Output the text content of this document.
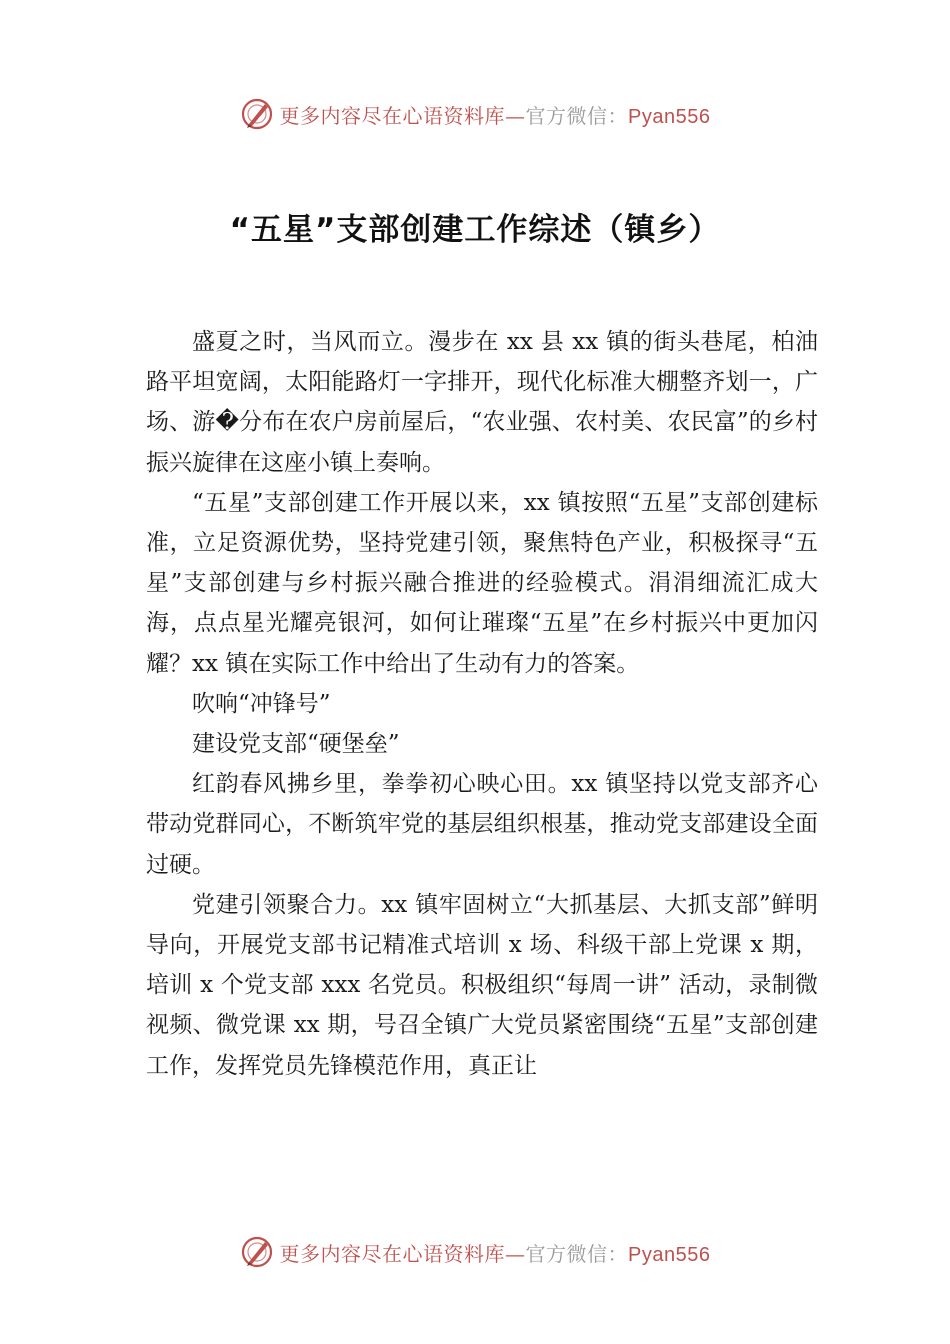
更多内容尽在心语资料库—官方微信：Pyan556
“五星”支部创建工作综述（镇乡）

盛夏之时，当风而立。漫步在 xx 县 xx 镇的街头巷尾，柏油路平坦宽阔，太阳能路灯一字排开，现代化标准大棚整齐划一，广场、游�分布在农户房前屋后，“农业强、农村美、农民富”的乡村振兴旋律在这座小镇上奏响。

“五星”支部创建工作开展以来，xx 镇按照“五星”支部创建标准，立足资源优势，坚持党建引领，聚焦特色产业，积极探寻“五星”支部创建与乡村振兴融合推进的经验模式。涓涓细流汇成大海，点点星光耀亮银河，如何让璀璨“五星”在乡村振兴中更加闪耀？xx 镇在实际工作中给出了生动有力的答案。

吹响“冲锋号”

建设党支部“硬堡垒”

红韵春风拂乡里，拳拳初心映心田。xx 镇坚持以党支部齐心带动党群同心，不断筑牢党的基层组织根基，推动党支部建设全面过硬。

党建引领聚合力。xx 镇牢固树立“大抓基层、大抓支部”鲜明导向，开展党支部书记精准式培训 x 场、科级干部上党课 x 期，培训 x 个党支部 xxx 名党员。积极组织“每周一讲” 活动，录制微视频、微党课 xx 期，号召全镇广大党员紧密围绕“五星”支部创建工作，发挥党员先锋模范作用，真正让

更多内容尽在心语资料库—官方微信：Pyan556
